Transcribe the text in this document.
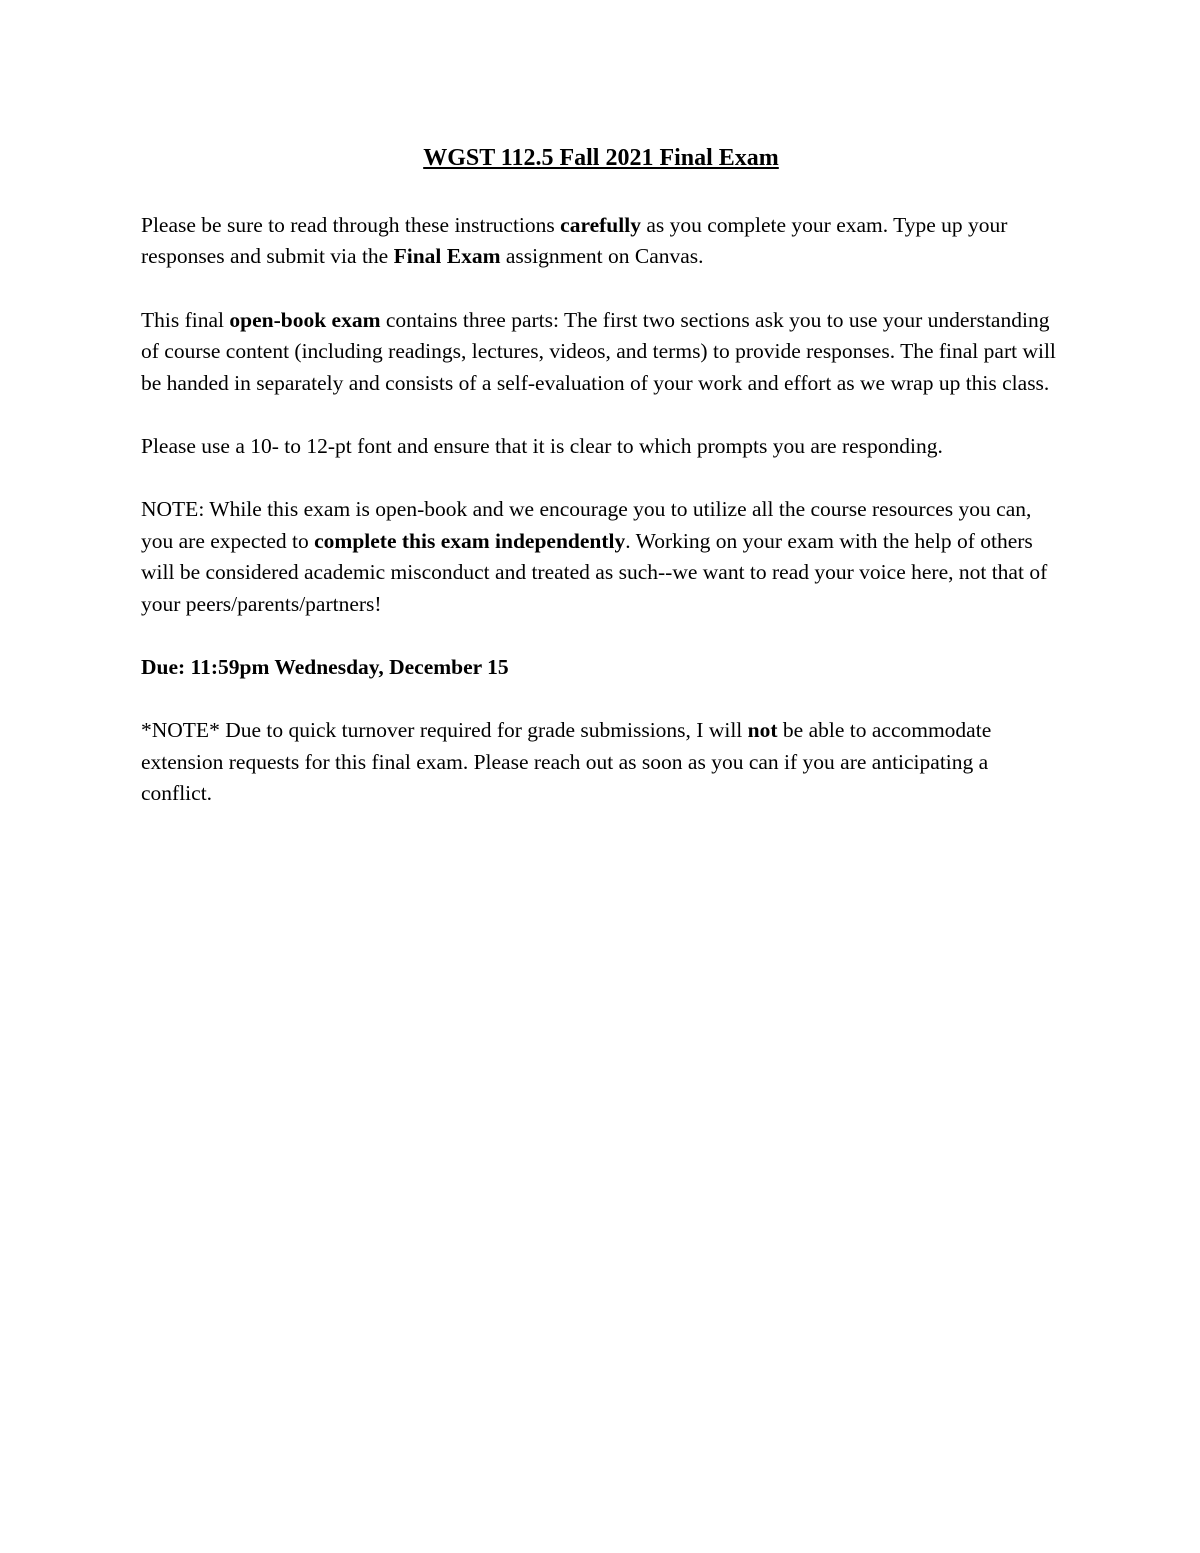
WGST 112.5 Fall 2021 Final Exam

Please be sure to read through these instructions carefully as you complete your exam. Type up your responses and submit via the Final Exam assignment on Canvas.

This final open-book exam contains three parts: The first two sections ask you to use your understanding of course content (including readings, lectures, videos, and terms) to provide responses. The final part will be handed in separately and consists of a self-evaluation of your work and effort as we wrap up this class.

Please use a 10- to 12-pt font and ensure that it is clear to which prompts you are responding.

NOTE: While this exam is open-book and we encourage you to utilize all the course resources you can, you are expected to complete this exam independently. Working on your exam with the help of others will be considered academic misconduct and treated as such--we want to read your voice here, not that of your peers/parents/partners!

Due: 11:59pm Wednesday, December 15

*NOTE* Due to quick turnover required for grade submissions, I will not be able to accommodate extension requests for this final exam. Please reach out as soon as you can if you are anticipating a conflict.
